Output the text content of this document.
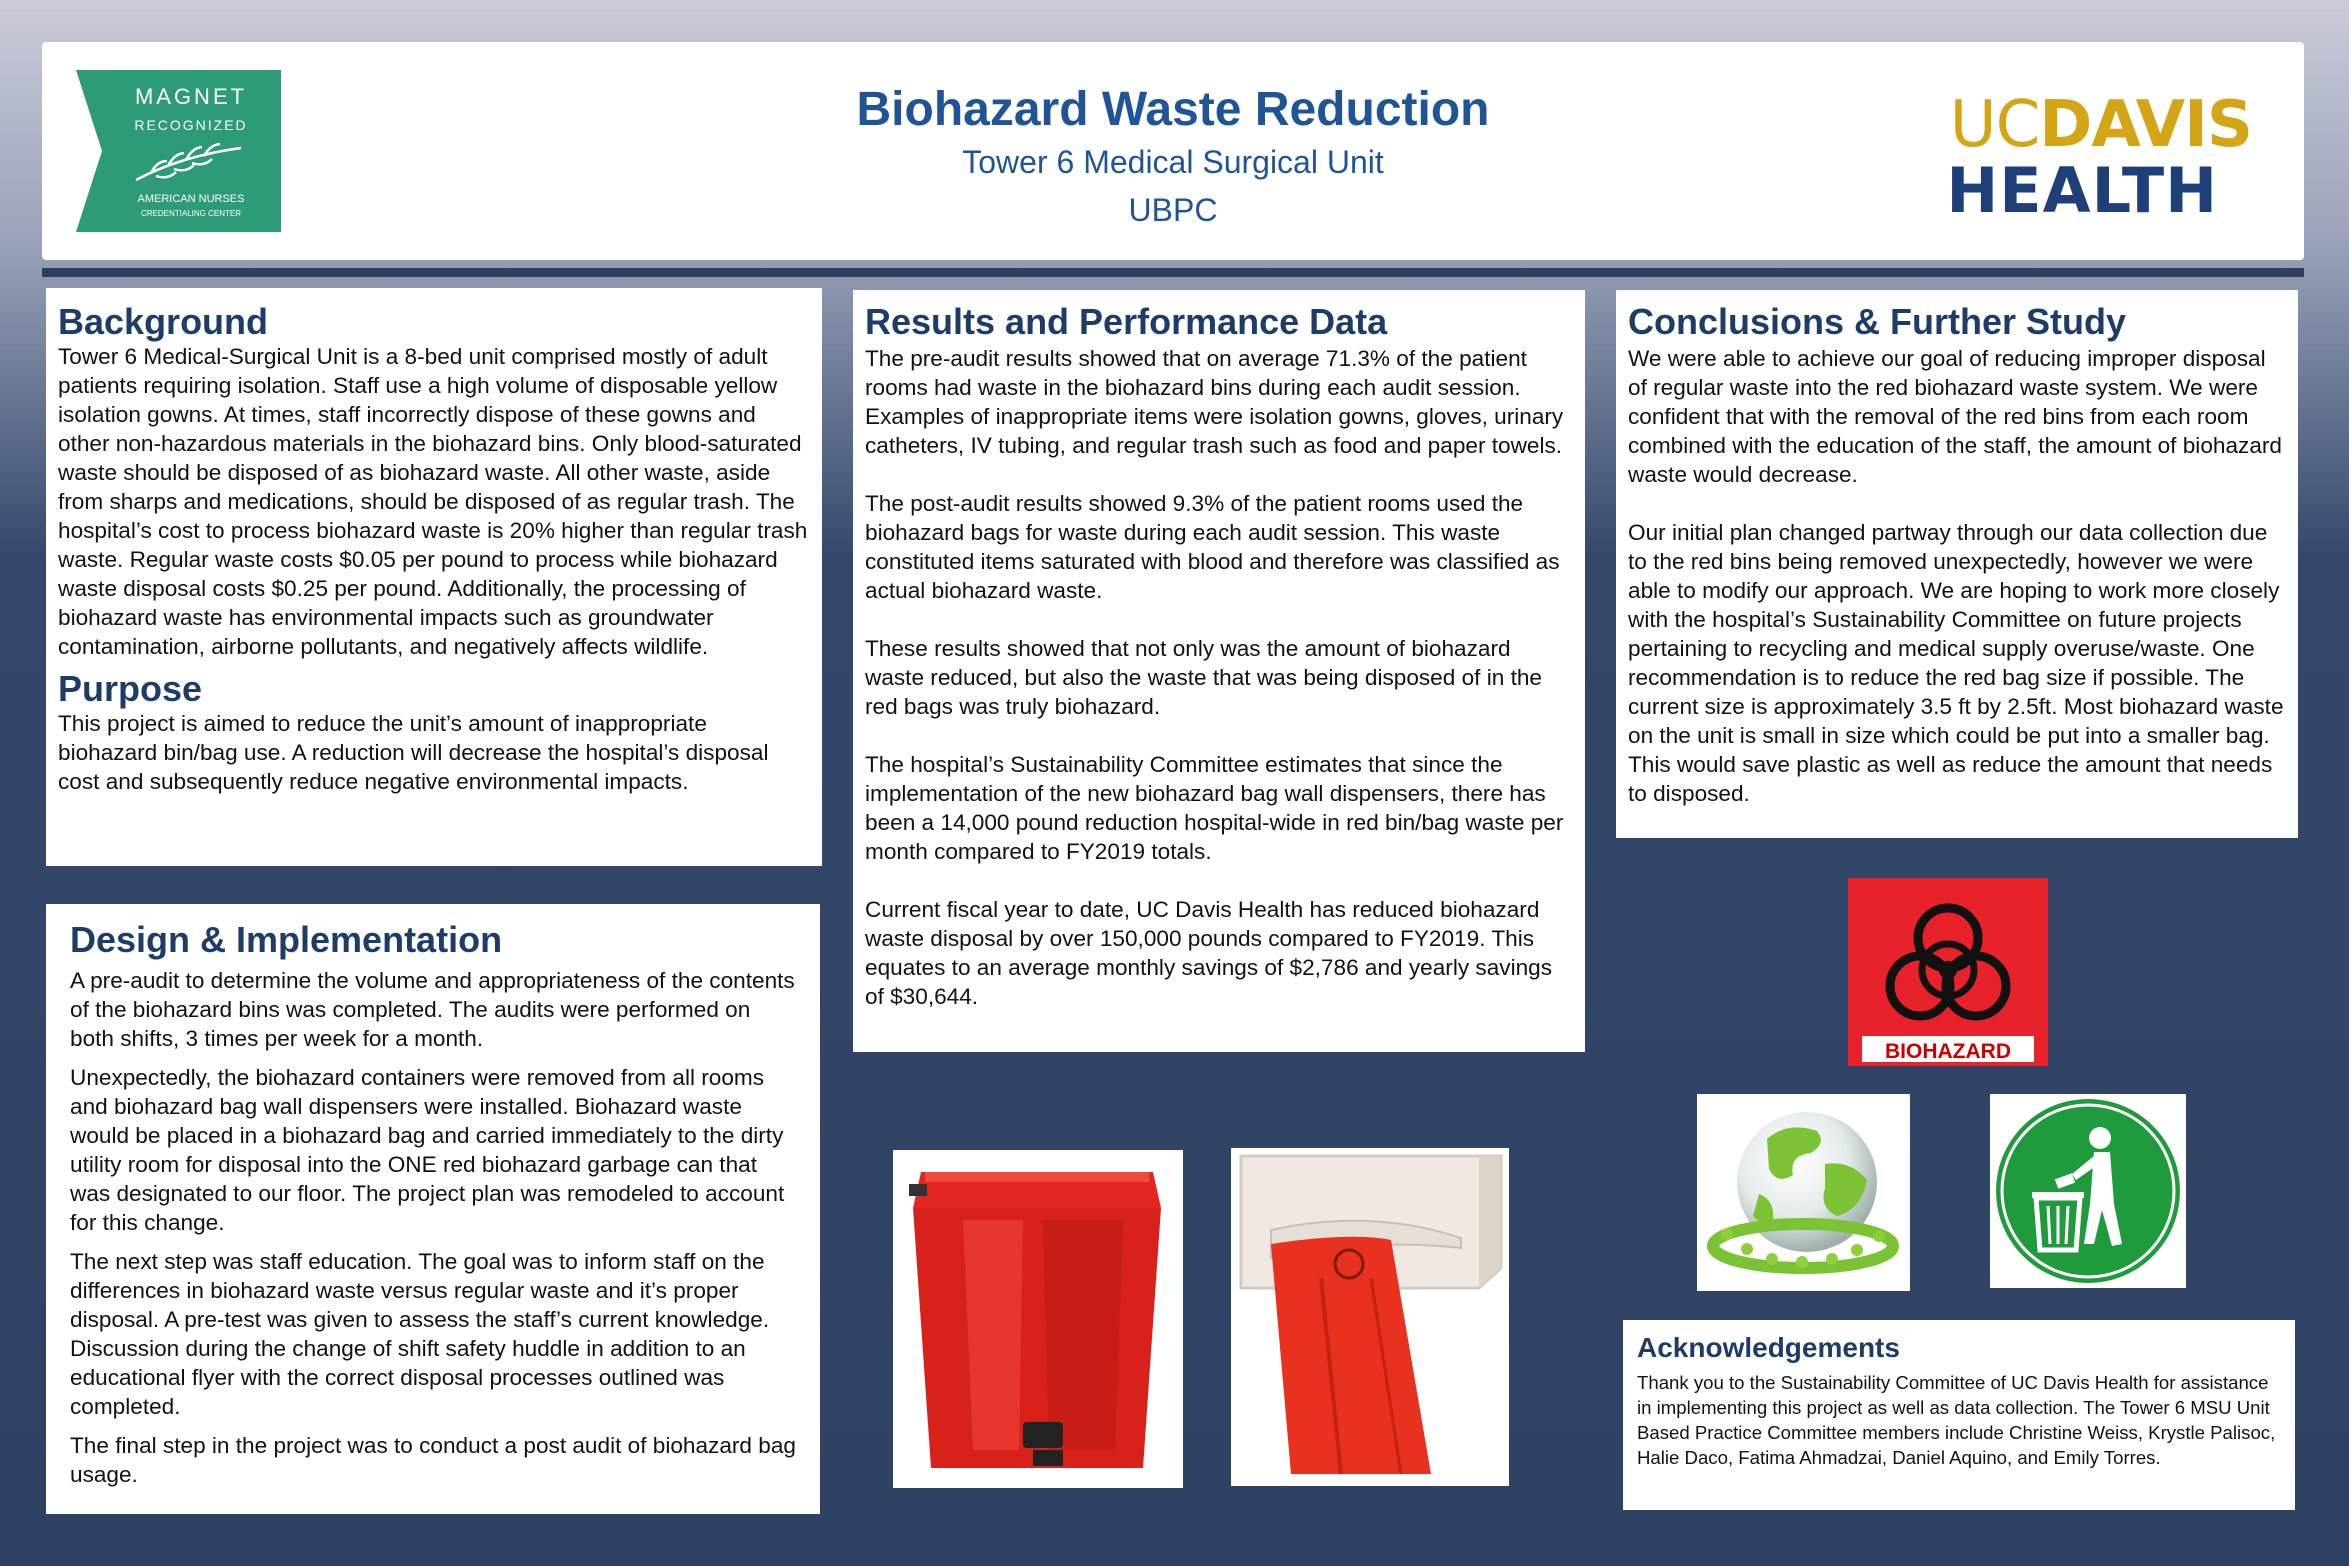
MAGNET
RECOGNIZED
AMERICAN NURSES
CREDENTIALING CENTER
Biohazard Waste Reduction
Tower 6 Medical Surgical Unit
UBPC
UCDAVIS
HEALTH
Background

Tower 6 Medical-Surgical Unit is a 8-bed unit comprised mostly of adult patients requiring isolation. Staff use a high volume of disposable yellow isolation gowns. At times, staff incorrectly dispose of these gowns and other non-hazardous materials in the biohazard bins. Only blood-saturated waste should be disposed of as biohazard waste. All other waste, aside from sharps and medications, should be disposed of as regular trash. The hospital’s cost to process biohazard waste is 20% higher than regular trash waste. Regular waste costs $0.05 per pound to process while biohazard waste disposal costs $0.25 per pound. Additionally, the processing of biohazard waste has environmental impacts such as groundwater contamination, airborne pollutants, and negatively affects wildlife.

Purpose

This project is aimed to reduce the unit’s amount of inappropriate biohazard bin/bag use. A reduction will decrease the hospital’s disposal cost and subsequently reduce negative environmental impacts.

Design & Implementation

A pre-audit to determine the volume and appropriateness of the contents of the biohazard bins was completed. The audits were performed on both shifts, 3 times per week for a month.

Unexpectedly, the biohazard containers were removed from all rooms and biohazard bag wall dispensers were installed. Biohazard waste would be placed in a biohazard bag and carried immediately to the dirty utility room for disposal into the ONE red biohazard garbage can that was designated to our floor. The project plan was remodeled to account for this change.

The next step was staff education. The goal was to inform staff on the differences in biohazard waste versus regular waste and it’s proper disposal. A pre-test was given to assess the staff’s current knowledge. Discussion during the change of shift safety huddle in addition to an educational flyer with the correct disposal processes outlined was completed.

The final step in the project was to conduct a post audit of biohazard bag usage.

Results and Performance Data

The pre-audit results showed that on average 71.3% of the patient rooms had waste in the biohazard bins during each audit session. Examples of inappropriate items were isolation gowns, gloves, urinary catheters, IV tubing, and regular trash such as food and paper towels.

The post-audit results showed 9.3% of the patient rooms used the biohazard bags for waste during each audit session. This waste constituted items saturated with blood and therefore was classified as actual biohazard waste.

These results showed that not only was the amount of biohazard waste reduced, but also the waste that was being disposed of in the red bags was truly biohazard.

The hospital’s Sustainability Committee estimates that since the implementation of the new biohazard bag wall dispensers, there has been a 14,000 pound reduction hospital-wide in red bin/bag waste per month compared to FY2019 totals.

Current fiscal year to date, UC Davis Health has reduced biohazard waste disposal by over 150,000 pounds compared to FY2019. This equates to an average monthly savings of $2,786 and yearly savings of $30,644.

Conclusions & Further Study

We were able to achieve our goal of reducing improper disposal of regular waste into the red biohazard waste system. We were confident that with the removal of the red bins from each room combined with the education of the staff, the amount of biohazard waste would decrease.

Our initial plan changed partway through our data collection due to the red bins being removed unexpectedly, however we were able to modify our approach. We are hoping to work more closely with the hospital’s Sustainability Committee on future projects pertaining to recycling and medical supply overuse/waste. One recommendation is to reduce the red bag size if possible. The current size is approximately 3.5 ft by 2.5ft. Most biohazard waste on the unit is small in size which could be put into a smaller bag. This would save plastic as well as reduce the amount that needs to disposed.

BIOHAZARD
Acknowledgements

Thank you to the Sustainability Committee of UC Davis Health for assistance in implementing this project as well as data collection. The Tower 6 MSU Unit Based Practice Committee members include Christine Weiss, Krystle Palisoc, Halie Daco, Fatima Ahmadzai, Daniel Aquino, and Emily Torres.
